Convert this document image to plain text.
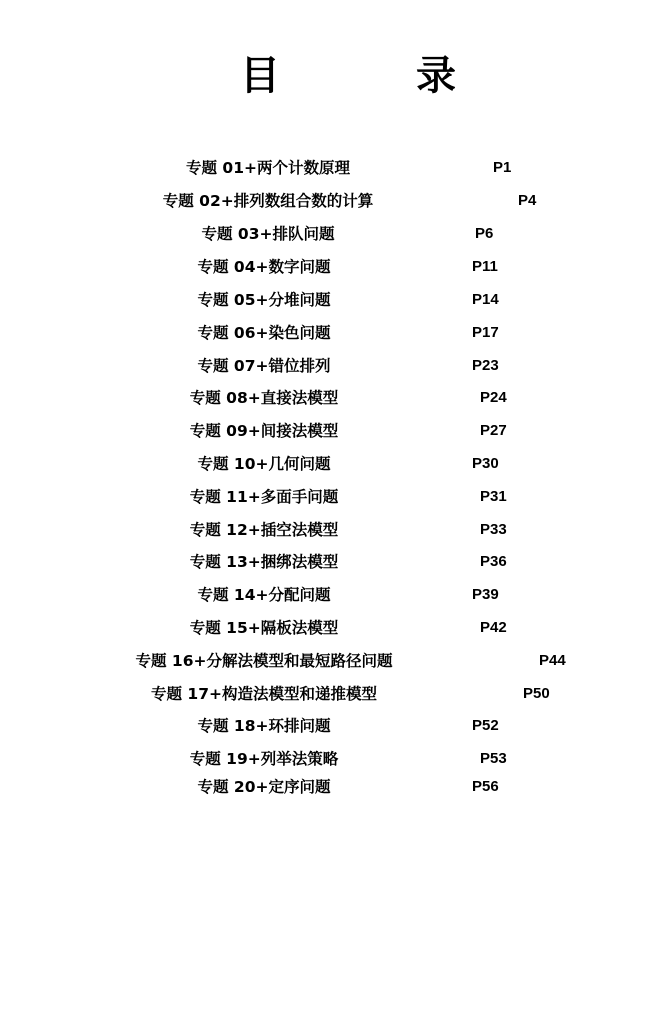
目	录
专题 01+两个计数原理	P1
专题 02+排列数组合数的计算	P4
专题 03+排队问题	P6
专题 04+数字问题	P11
专题 05+分堆问题	P14
专题 06+染色问题	P17
专题 07+错位排列	P23
专题 08+直接法模型	P24
专题 09+间接法模型	P27
专题 10+几何问题	P30
专题 11+多面手问题	P31
专题 12+插空法模型	P33
专题 13+捆绑法模型	P36
专题 14+分配问题	P39
专题 15+隔板法模型	P42
专题 16+分解法模型和最短路径问题	P44
专题 17+构造法模型和递推模型	P50
专题 18+环排问题	P52
专题 19+列举法策略	P53
专题 20+定序问题	P56
